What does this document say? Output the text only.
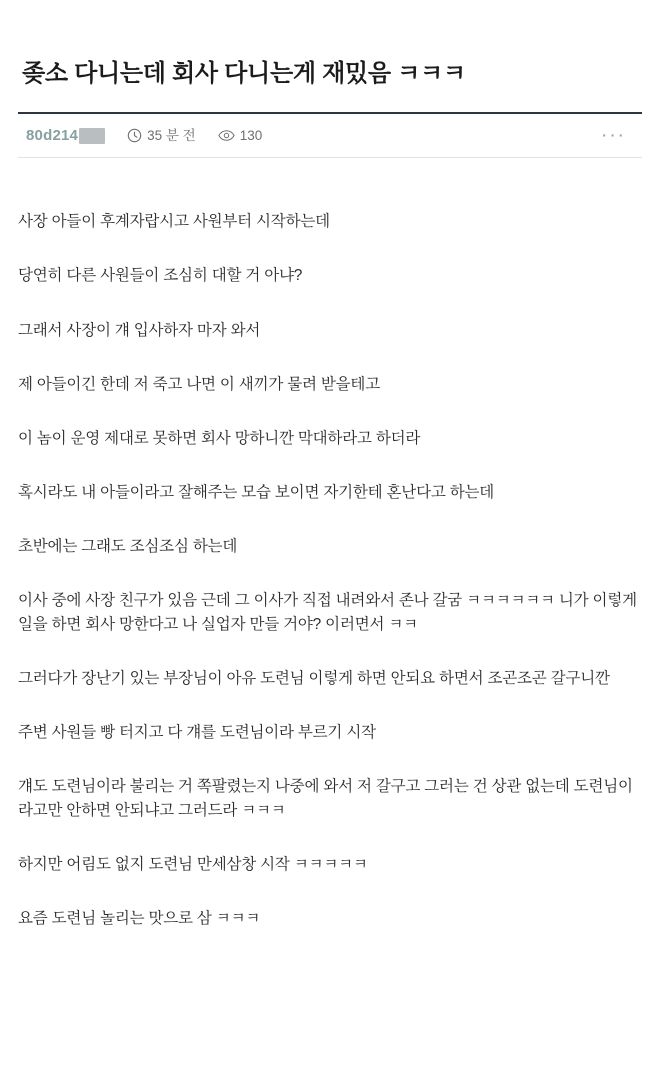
좆소 다니는데 회사 다니는게 재밌음 ㅋㅋㅋ
80d214	35 분 전	130	···

사장 아들이 후계자랍시고 사원부터 시작하는데

당연히 다른 사원들이 조심히 대할 거 아냐?

그래서 사장이 걔 입사하자 마자 와서

제 아들이긴 한데 저 죽고 나면 이 새끼가 물려 받을테고

이 놈이 운영 제대로 못하면 회사 망하니깐 막대하라고 하더라

혹시라도 내 아들이라고 잘해주는 모습 보이면 자기한테 혼난다고 하는데

초반에는 그래도 조심조심 하는데

이사 중에 사장 친구가 있음 근데 그 이사가 직접 내려와서 존나 갈굼 ㅋㅋㅋㅋㅋㅋ 니가 이렇게 일을 하면 회사 망한다고 나 실업자 만들 거야? 이러면서 ㅋㅋ

그러다가 장난기 있는 부장님이 아유 도련님 이렇게 하면 안되요 하면서 조곤조곤 갈구니깐

주변 사원들 빵 터지고 다 걔를 도련님이라 부르기 시작

걔도 도련님이라 불리는 거 쪽팔렸는지 나중에 와서 저 갈구고 그러는 건 상관 없는데 도련님이라고만 안하면 안되냐고 그러드라 ㅋㅋㅋ

하지만 어림도 없지 도련님 만세삼창 시작 ㅋㅋㅋㅋㅋ

요즘 도련님 놀리는 맛으로 삼 ㅋㅋㅋ
